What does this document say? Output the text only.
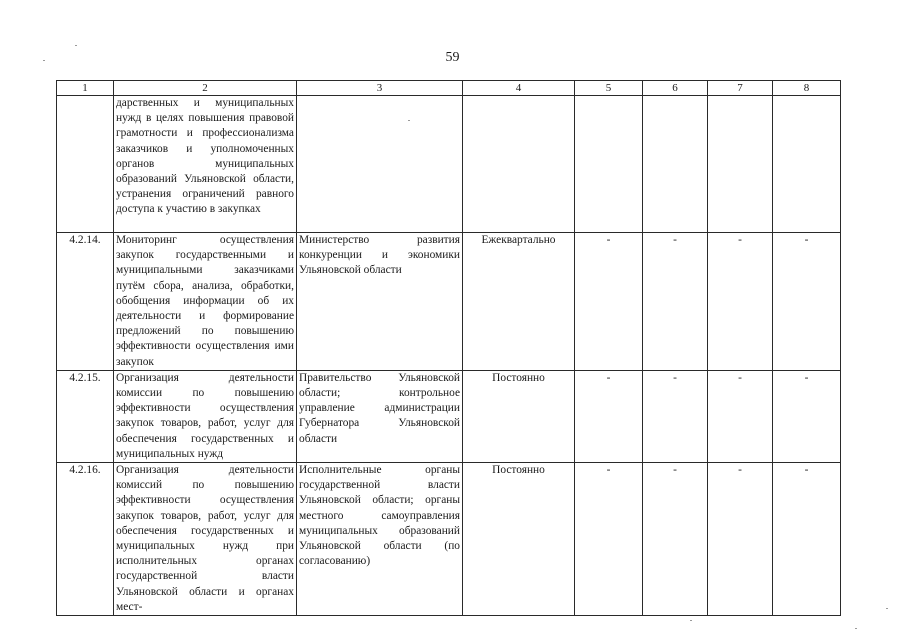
59
1	2	3	4	5	6	7	8
	дарственных и муниципальных нужд в целях повышения правовой грамотности и профессионализма заказчиков и уполномоченных органов муниципальных образований Ульяновской области, устранения ограничений равного доступа к участию в закупках						
4.2.14.	Мониторинг осуществления закупок государственными и муниципальными заказчиками путём сбора, анализа, обработки, обобщения информации об их деятельности и формирование предложений по повышению эффективности осуществления ими закупок	Министерство развития конкуренции и экономики Ульяновской области	Ежеквартально	-	-	-	-
4.2.15.	Организация деятельности комиссии по повышению эффективности осуществления закупок товаров, работ, услуг для обеспечения государственных и муниципальных нужд	Правительство Ульяновской области; контрольное управление администрации Губернатора Ульяновской области	Постоянно	-	-	-	-
4.2.16.	Организация деятельности комиссий по повышению эффективности осуществления закупок товаров, работ, услуг для обеспечения государственных и муниципальных нужд при исполнительных органах государственной власти Ульяновской области и органах мест-	Исполнительные органы государственной власти Ульяновской области; органы местного самоуправления муниципальных образований Ульяновской области (по согласованию)	Постоянно	-	-	-	-
